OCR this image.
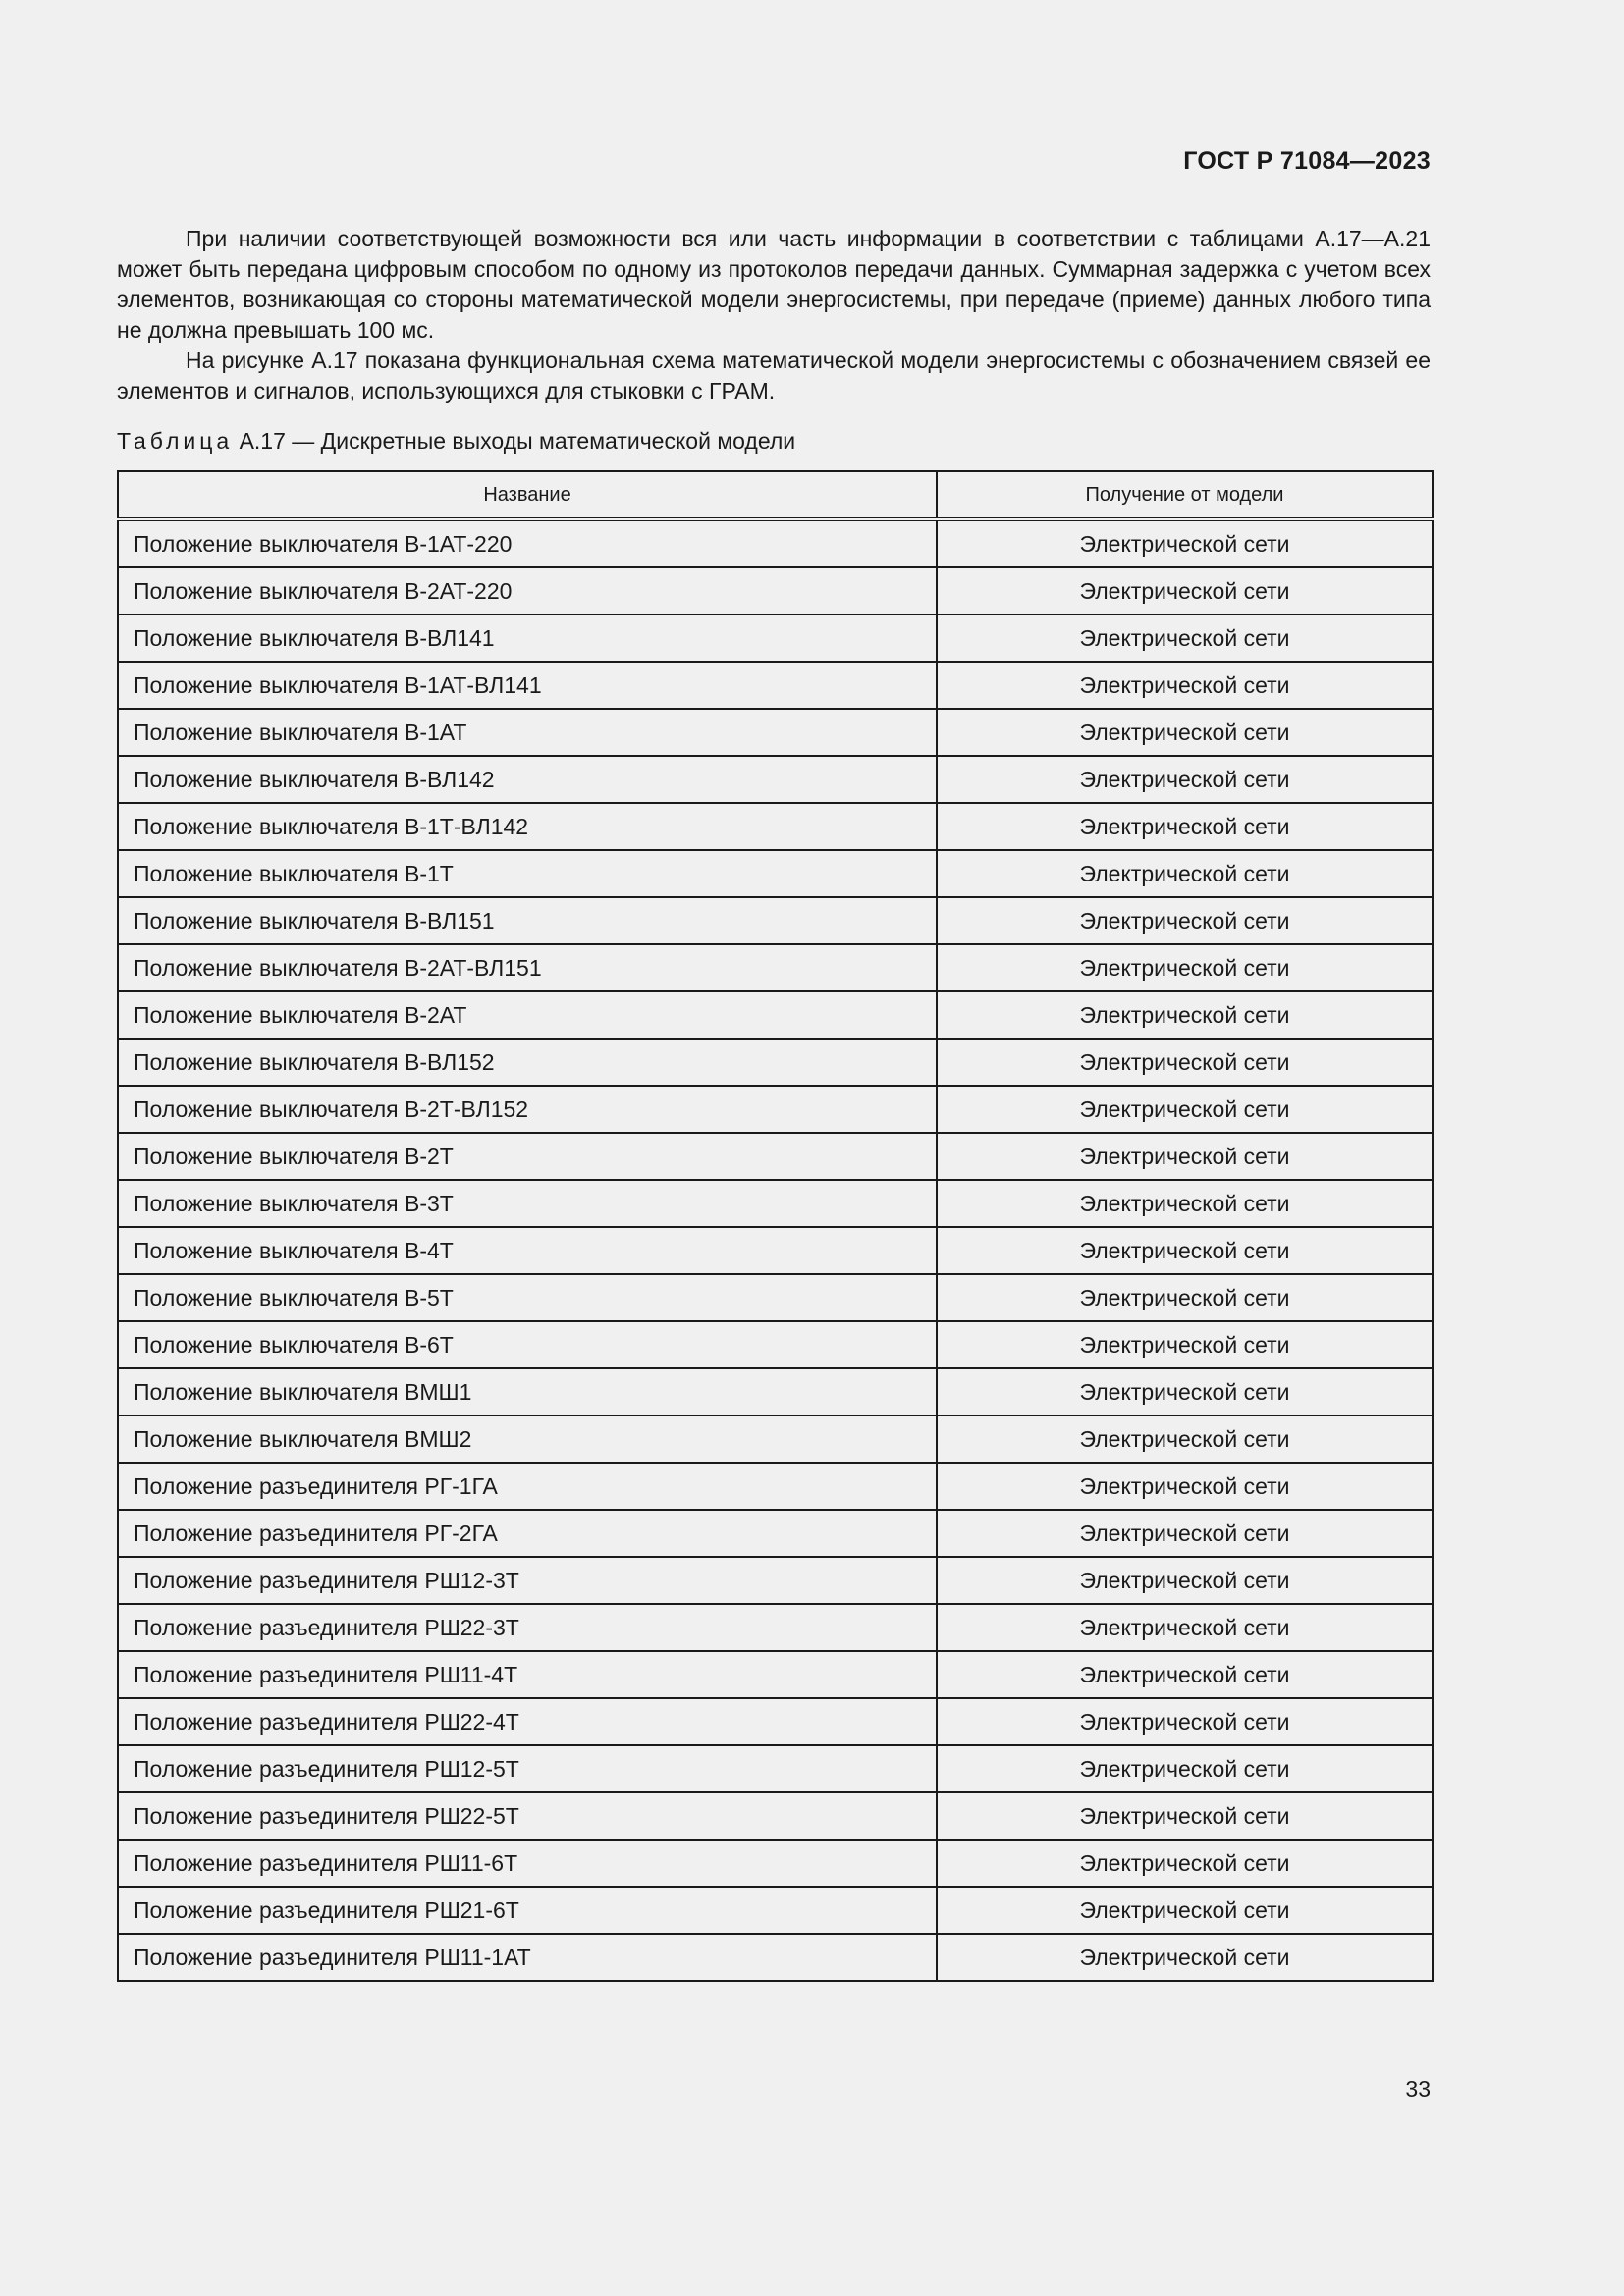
ГОСТ Р 71084—2023

При наличии соответствующей возможности вся или часть информации в соответствии с таблицами А.17—А.21 может быть передана цифровым способом по одному из протоколов передачи данных. Суммарная задержка с учетом всех элементов, возникающая со стороны математической модели энергосистемы, при передаче (приеме) данных любого типа не должна превышать 100 мс.

На рисунке А.17 показана функциональная схема математической модели энергосистемы с обозначением связей ее элементов и сигналов, использующихся для стыковки с ГРАМ.

Таблица А.17 — Дискретные выходы математической модели
Название	Получение от модели
Положение выключателя В-1АТ-220	Электрической сети
Положение выключателя В-2АТ-220	Электрической сети
Положение выключателя В-ВЛ141	Электрической сети
Положение выключателя В-1АТ-ВЛ141	Электрической сети
Положение выключателя В-1АТ	Электрической сети
Положение выключателя В-ВЛ142	Электрической сети
Положение выключателя В-1Т-ВЛ142	Электрической сети
Положение выключателя В-1Т	Электрической сети
Положение выключателя В-ВЛ151	Электрической сети
Положение выключателя В-2АТ-ВЛ151	Электрической сети
Положение выключателя В-2АТ	Электрической сети
Положение выключателя В-ВЛ152	Электрической сети
Положение выключателя В-2Т-ВЛ152	Электрической сети
Положение выключателя В-2Т	Электрической сети
Положение выключателя В-3Т	Электрической сети
Положение выключателя В-4Т	Электрической сети
Положение выключателя В-5Т	Электрической сети
Положение выключателя В-6Т	Электрической сети
Положение выключателя ВМШ1	Электрической сети
Положение выключателя ВМШ2	Электрической сети
Положение разъединителя РГ-1ГА	Электрической сети
Положение разъединителя РГ-2ГА	Электрической сети
Положение разъединителя РШ12-3Т	Электрической сети
Положение разъединителя РШ22-3Т	Электрической сети
Положение разъединителя РШ11-4Т	Электрической сети
Положение разъединителя РШ22-4Т	Электрической сети
Положение разъединителя РШ12-5Т	Электрической сети
Положение разъединителя РШ22-5Т	Электрической сети
Положение разъединителя РШ11-6Т	Электрической сети
Положение разъединителя РШ21-6Т	Электрической сети
Положение разъединителя РШ11-1АТ	Электрической сети
33
